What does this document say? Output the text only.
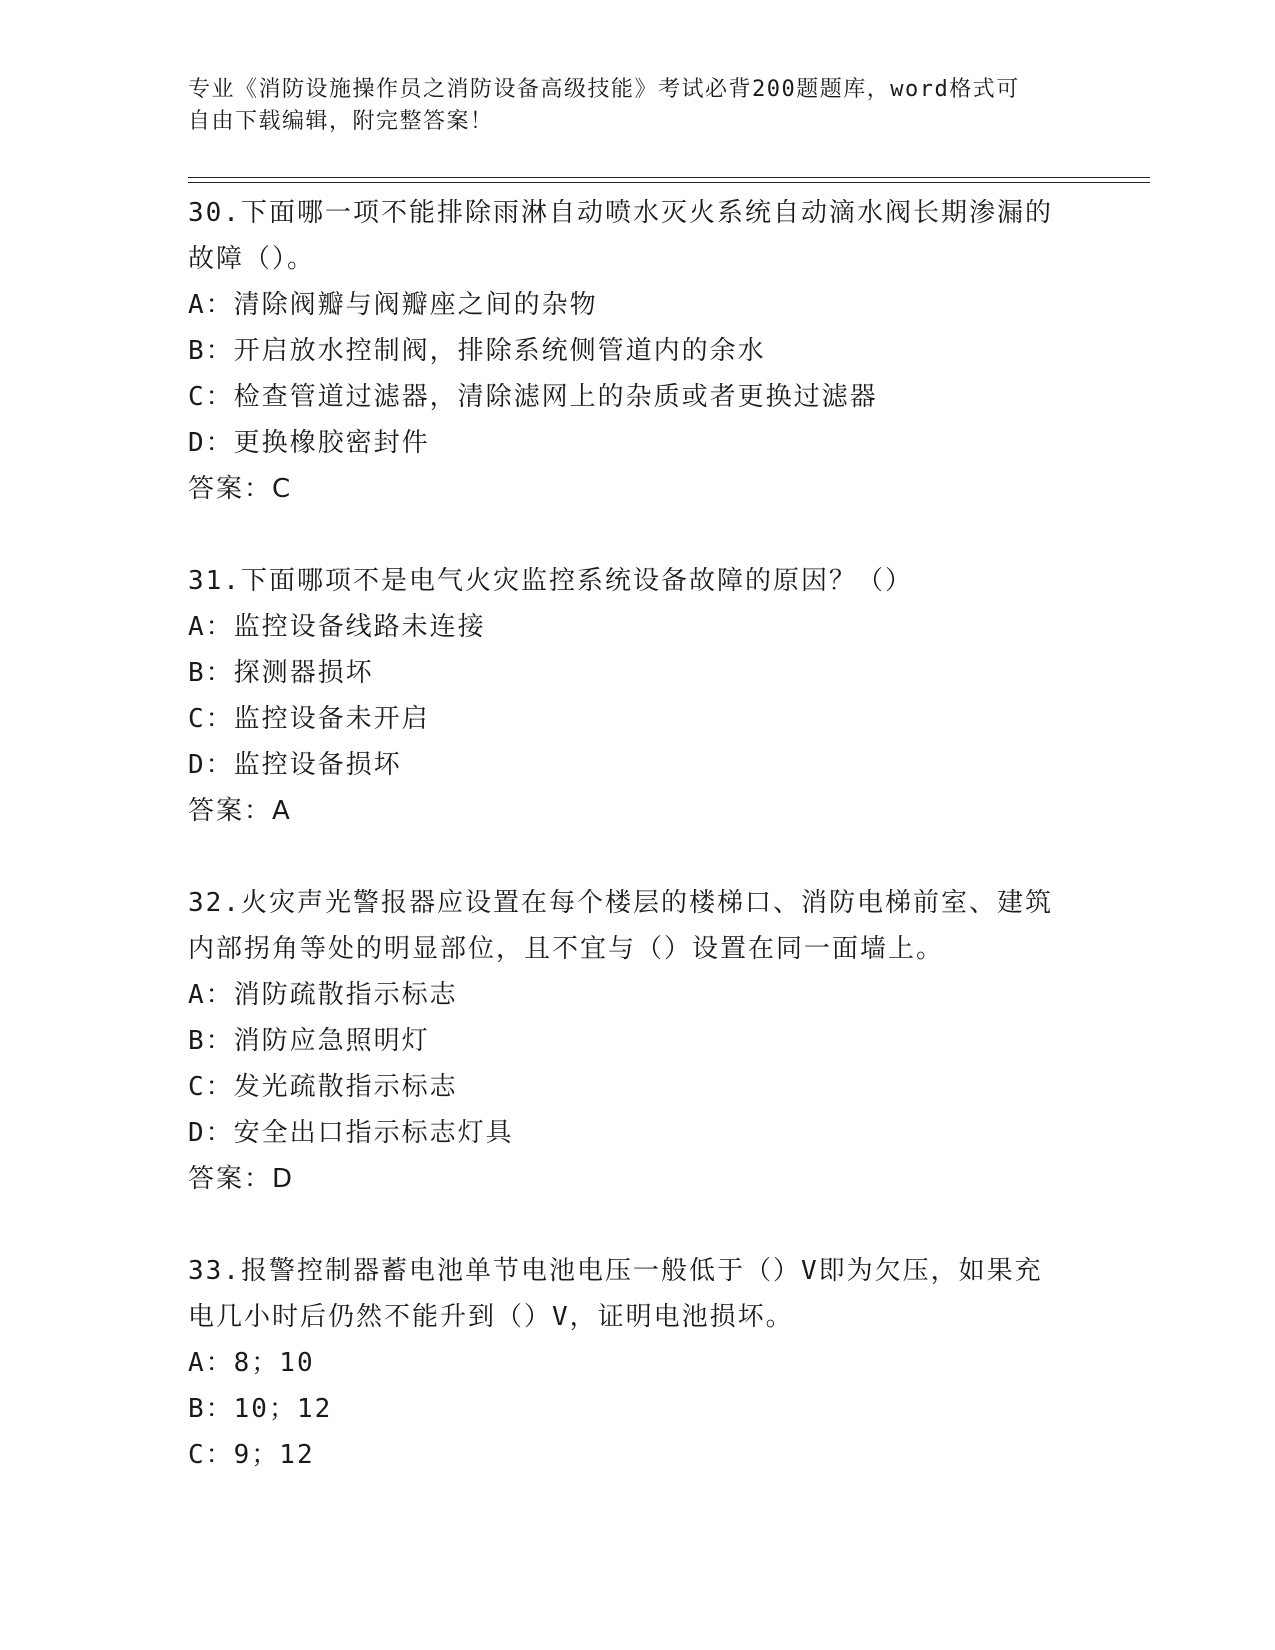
专业《消防设施操作员之消防设备高级技能》考试必背200题题库，word格式可
自由下载编辑，附完整答案！
30.下面哪一项不能排除雨淋自动喷水灭火系统自动滴水阀长期渗漏的
故障（）。
A：清除阀瓣与阀瓣座之间的杂物
B：开启放水控制阀，排除系统侧管道内的余水
C：检查管道过滤器，清除滤网上的杂质或者更换过滤器
D：更换橡胶密封件
答案：C
31.下面哪项不是电气火灾监控系统设备故障的原因？（）
A：监控设备线路未连接
B：探测器损坏
C：监控设备未开启
D：监控设备损坏
答案：A
32.火灾声光警报器应设置在每个楼层的楼梯口、消防电梯前室、建筑
内部拐角等处的明显部位，且不宜与（）设置在同一面墙上。
A：消防疏散指示标志
B：消防应急照明灯
C：发光疏散指示标志
D：安全出口指示标志灯具
答案：D
33.报警控制器蓄电池单节电池电压一般低于（）V即为欠压，如果充
电几小时后仍然不能升到（）V，证明电池损坏。
A：8；10
B：10；12
C：9；12
